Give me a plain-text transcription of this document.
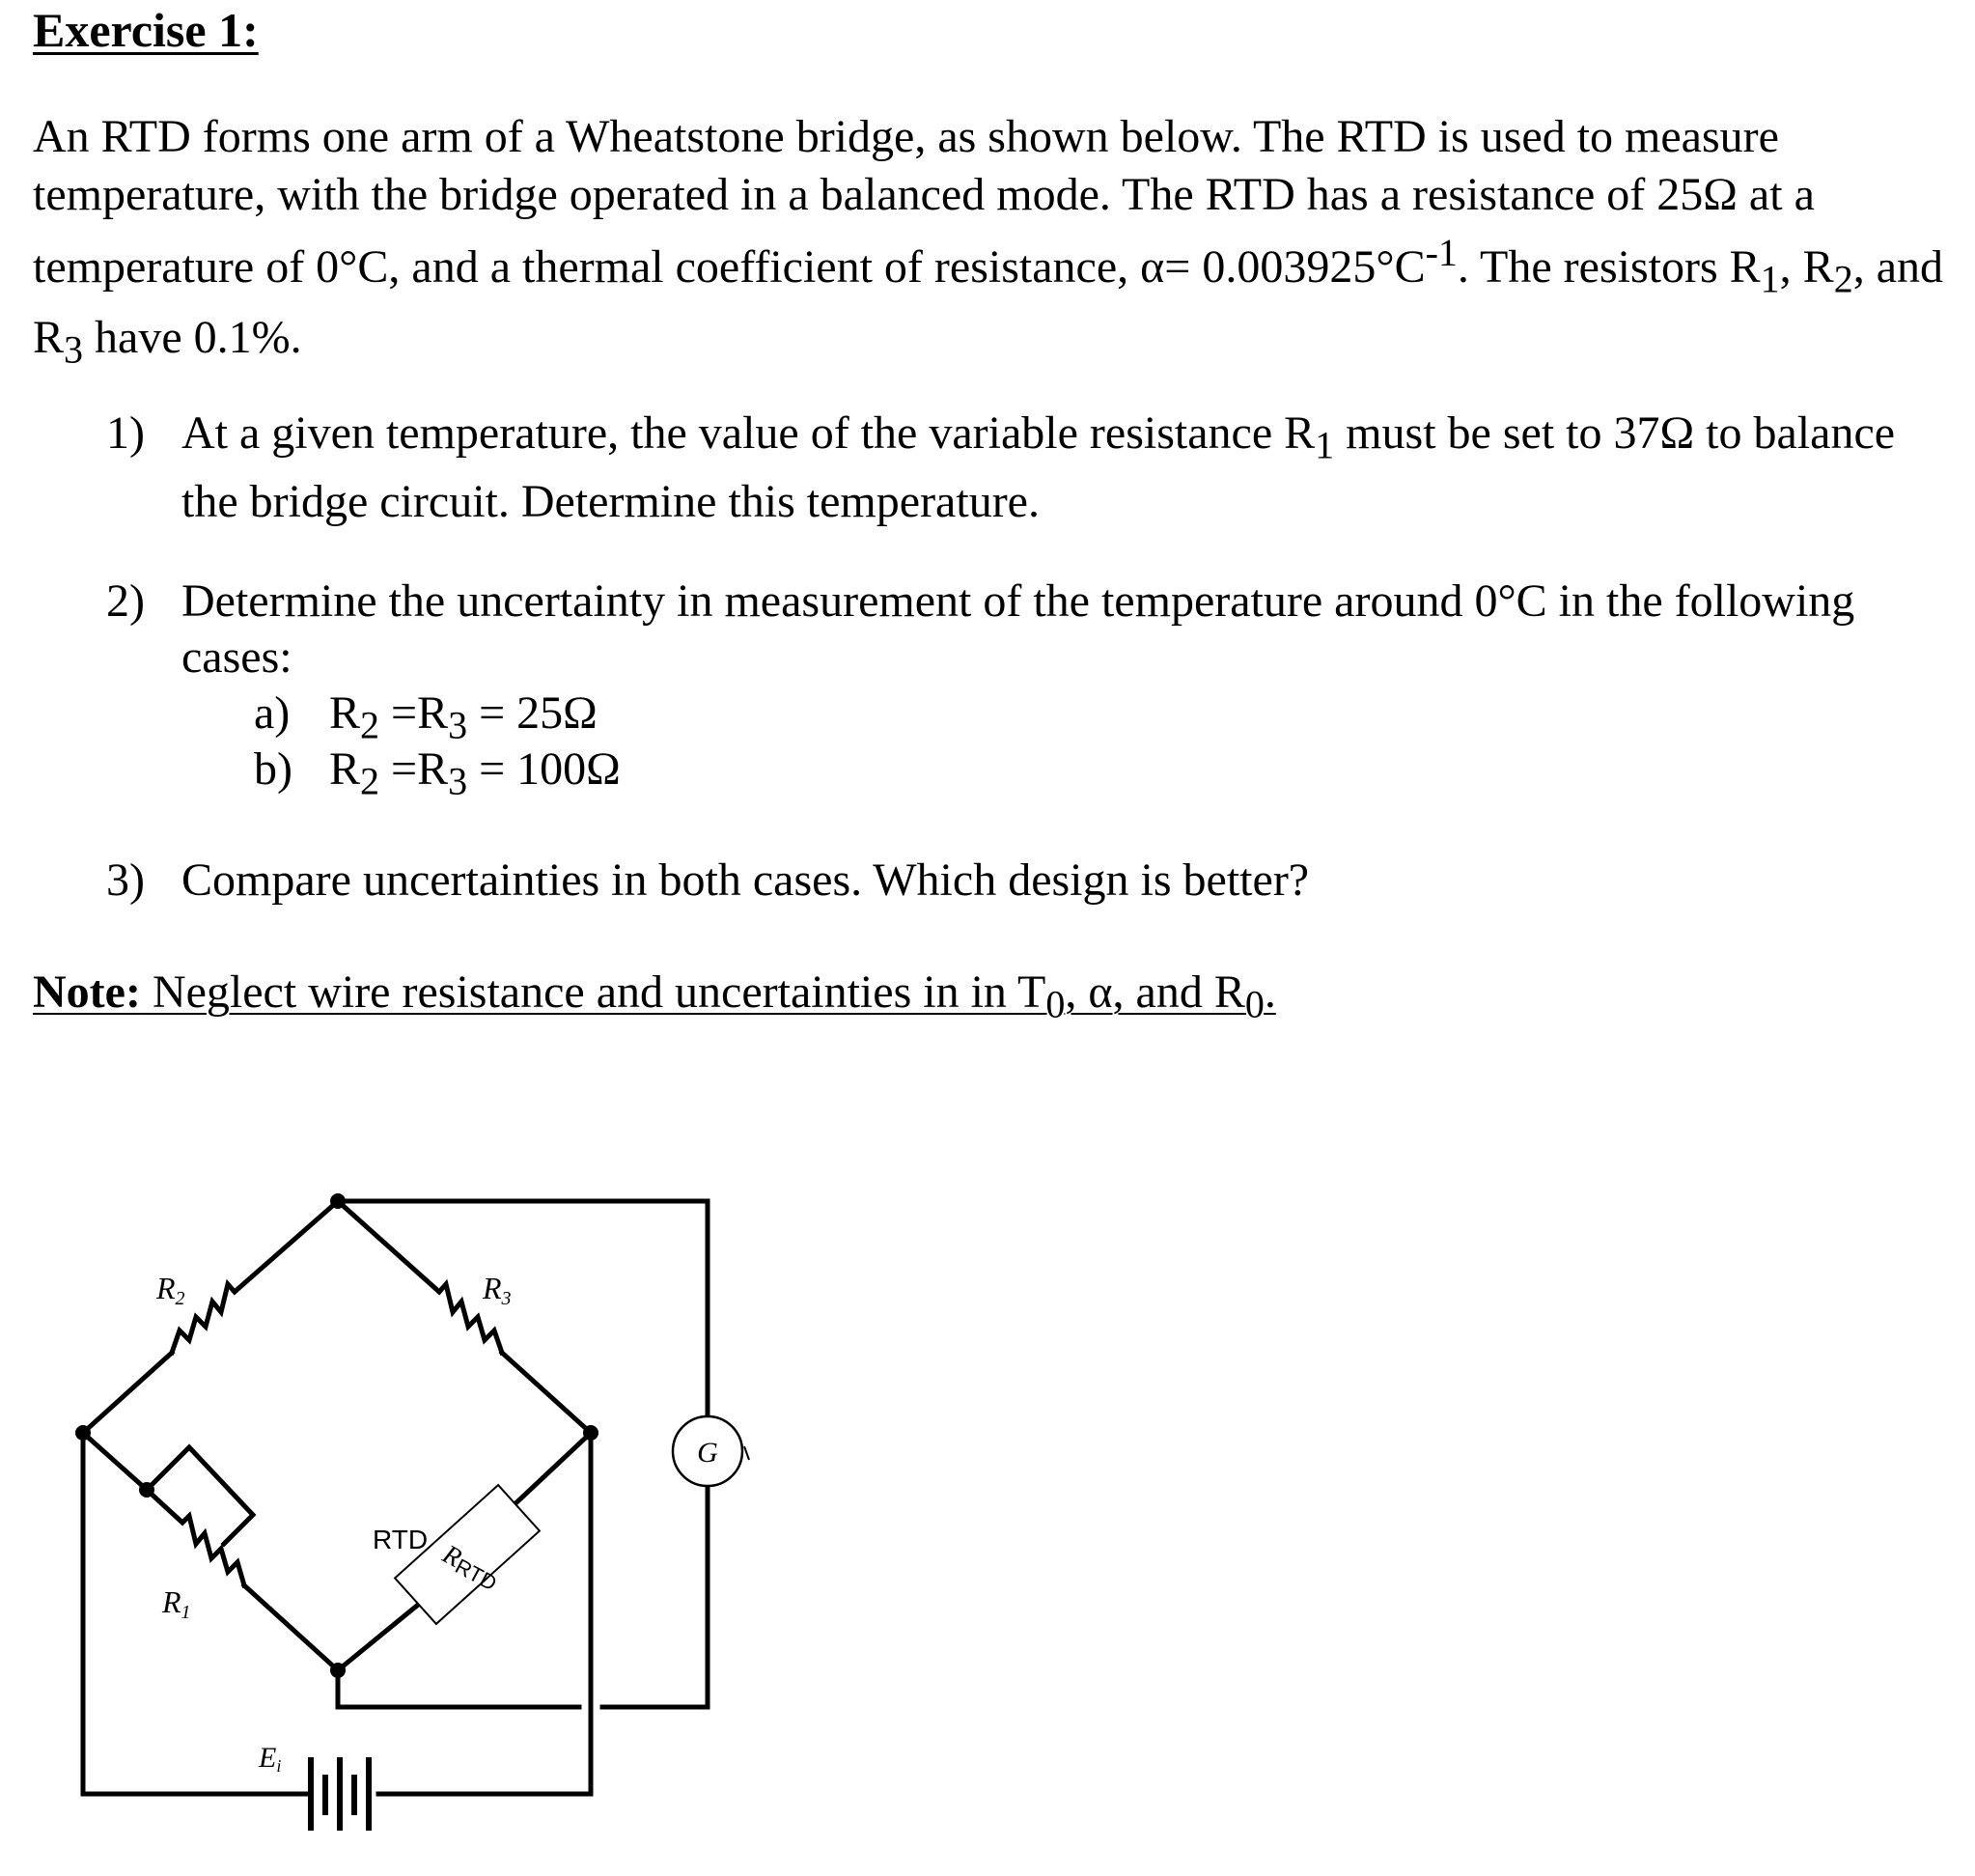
Exercise 1:

An RTD forms one arm of a Wheatstone bridge, as shown below. The RTD is used to measure temperature, with the bridge operated in a balanced mode. The RTD has a resistance of 25Ω at a temperature of 0°C, and a thermal coefficient of resistance, $\alpha= 0.003925^\circ C^{-1}$. The resistors $R_1$, $R_2$, and $R_3$ have 0.1%.

1) At a given temperature, the value of the variable resistance $R_1$ must be set to 37Ω to balance the bridge circuit. Determine this temperature.
2) Determine the uncertainty in measurement of the temperature around 0°C in the following cases:
a) $R_2 =R_3 = 25\Omega$
b) $R_2 =R_3 = 100\Omega$
3) Compare uncertainties in both cases. Which design is better?
Note: Neglect wire resistance and uncertainties in in $T_0$, α, and $R_0$.
RRTD
G
R2	R3
R1
RTD
Ei
